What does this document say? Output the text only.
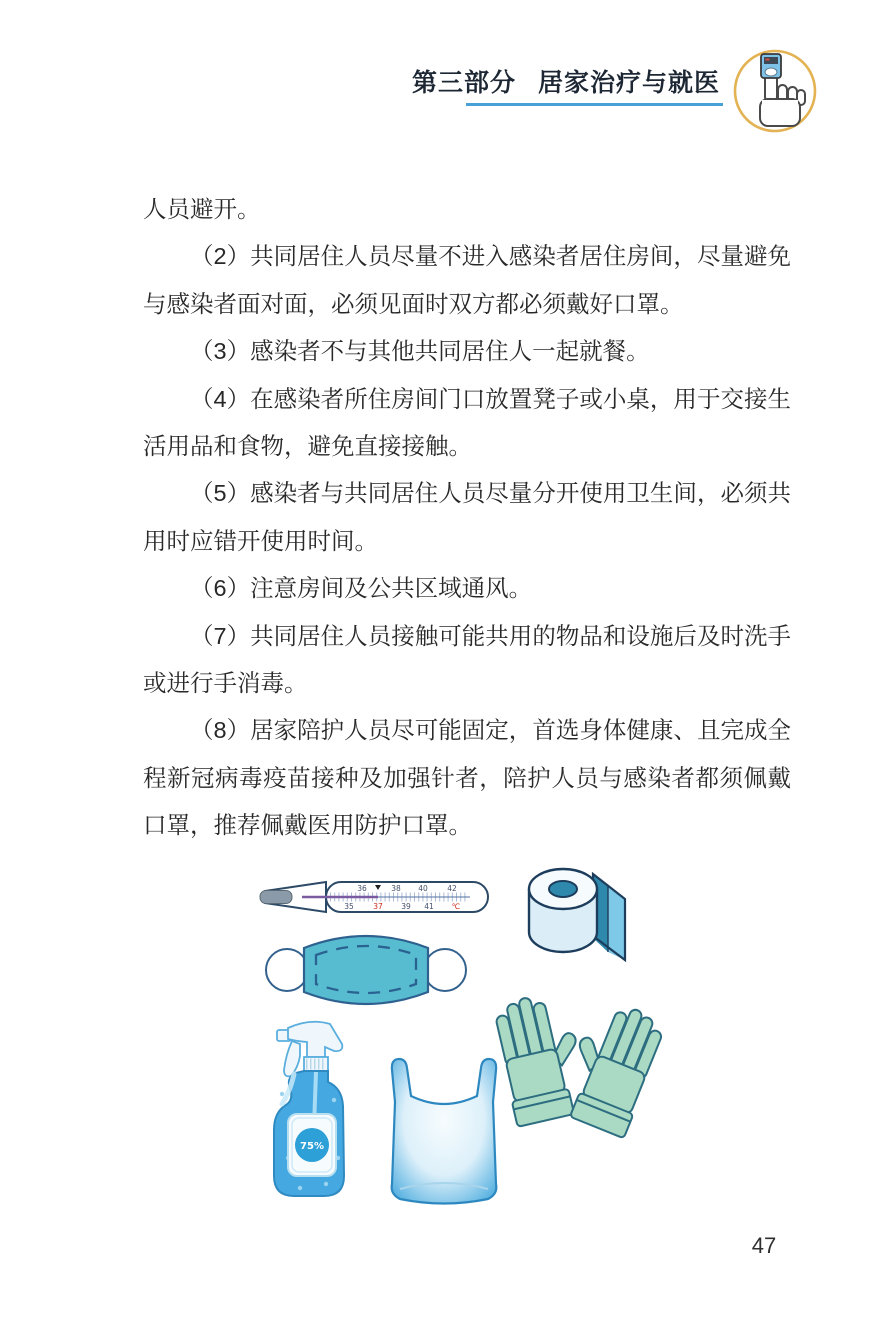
第三部分 居家治疗与就医

人员避开。

（2）共同居住人员尽量不进入感染者居住房间，尽量避免与感染者面对面，必须见面时双方都必须戴好口罩。

（3）感染者不与其他共同居住人一起就餐。

（4）在感染者所住房间门口放置凳子或小桌，用于交接生活用品和食物，避免直接接触。

（5）感染者与共同居住人员尽量分开使用卫生间，必须共用时应错开使用时间。

（6）注意房间及公共区域通风。

（7）共同居住人员接触可能共用的物品和设施后及时洗手或进行手消毒。

（8）居家陪护人员尽可能固定，首选身体健康、且完成全程新冠病毒疫苗接种及加强针者，陪护人员与感染者都须佩戴口罩，推荐佩戴医用防护口罩。

36	38 40	42
35	37 39 41 ℃
75%
47
